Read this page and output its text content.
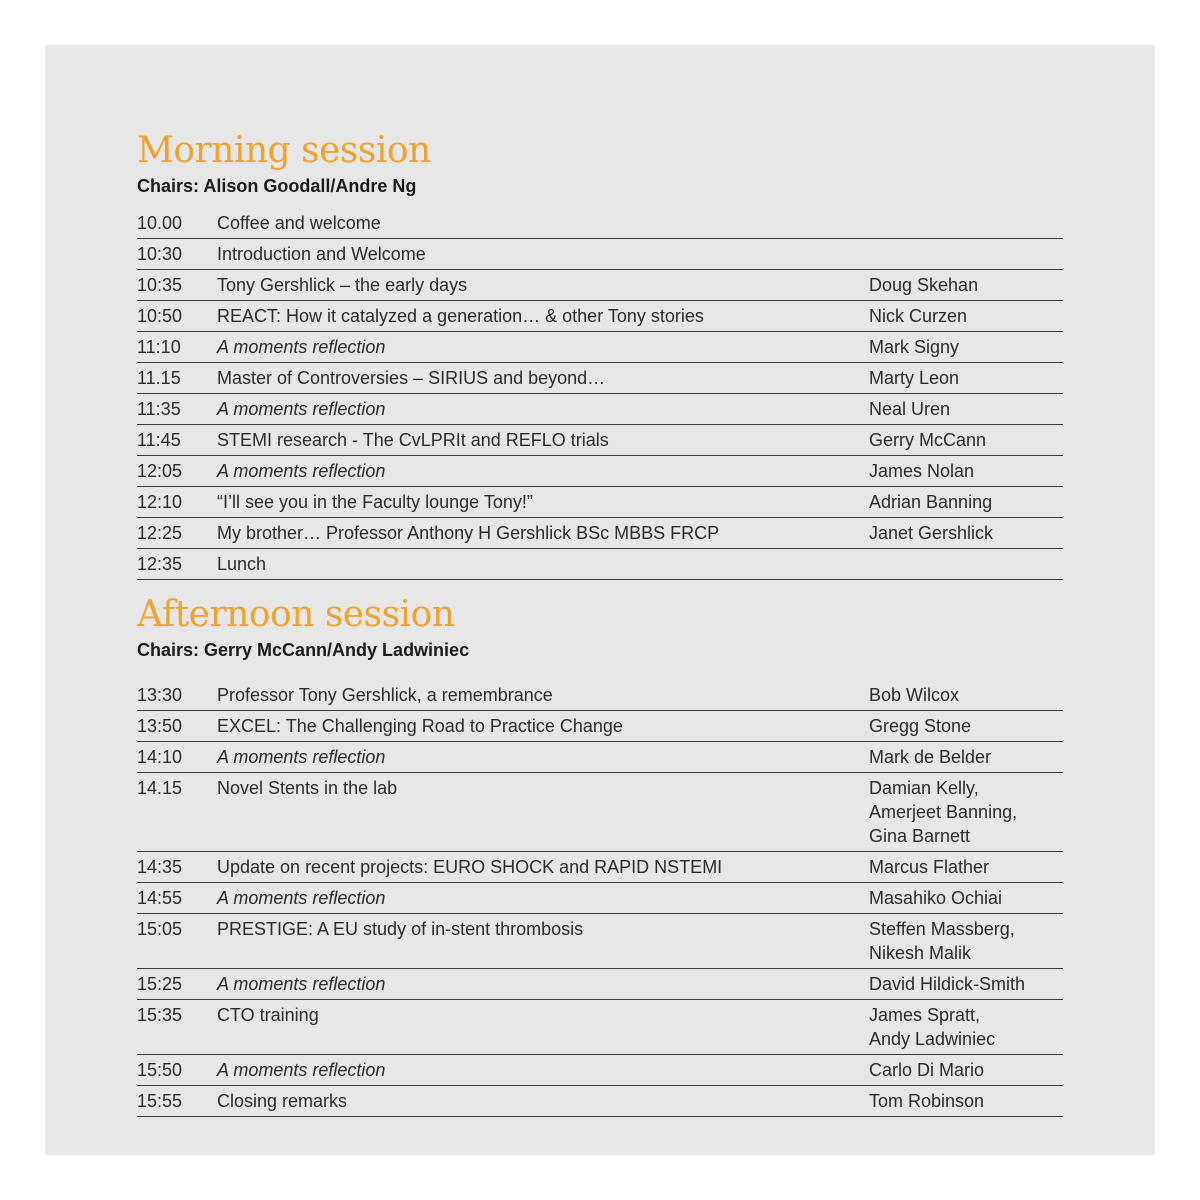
Morning session
Chairs: Alison Goodall/Andre Ng
10.00	Coffee and welcome
10:30	Introduction and Welcome
10:35	Tony Gershlick – the early days	Doug Skehan
10:50	REACT: How it catalyzed a generation… & other Tony stories	Nick Curzen
11:10	A moments reflection	Mark Signy
11.15	Master of Controversies – SIRIUS and beyond…	Marty Leon
11:35	A moments reflection	Neal Uren
11:45	STEMI research - The CvLPRIt and REFLO trials	Gerry McCann
12:05	A moments reflection	James Nolan
12:10	“I’ll see you in the Faculty lounge Tony!”	Adrian Banning
12:25	My brother… Professor Anthony H Gershlick BSc MBBS FRCP	Janet Gershlick
12:35	Lunch
Afternoon session
Chairs: Gerry McCann/Andy Ladwiniec
13:30	Professor Tony Gershlick, a remembrance	Bob Wilcox
13:50	EXCEL: The Challenging Road to Practice Change	Gregg Stone
14:10	A moments reflection	Mark de Belder
14.15	Novel Stents in the lab	Damian Kelly,
Amerjeet Banning,
Gina Barnett
14:35	Update on recent projects: EURO SHOCK and RAPID NSTEMI	Marcus Flather
14:55	A moments reflection	Masahiko Ochiai
15:05	PRESTIGE: A EU study of in-stent thrombosis	Steffen Massberg,
Nikesh Malik
15:25	A moments reflection	David Hildick-Smith
15:35	CTO training	James Spratt,
Andy Ladwiniec
15:50	A moments reflection	Carlo Di Mario
15:55	Closing remarks	Tom Robinson
